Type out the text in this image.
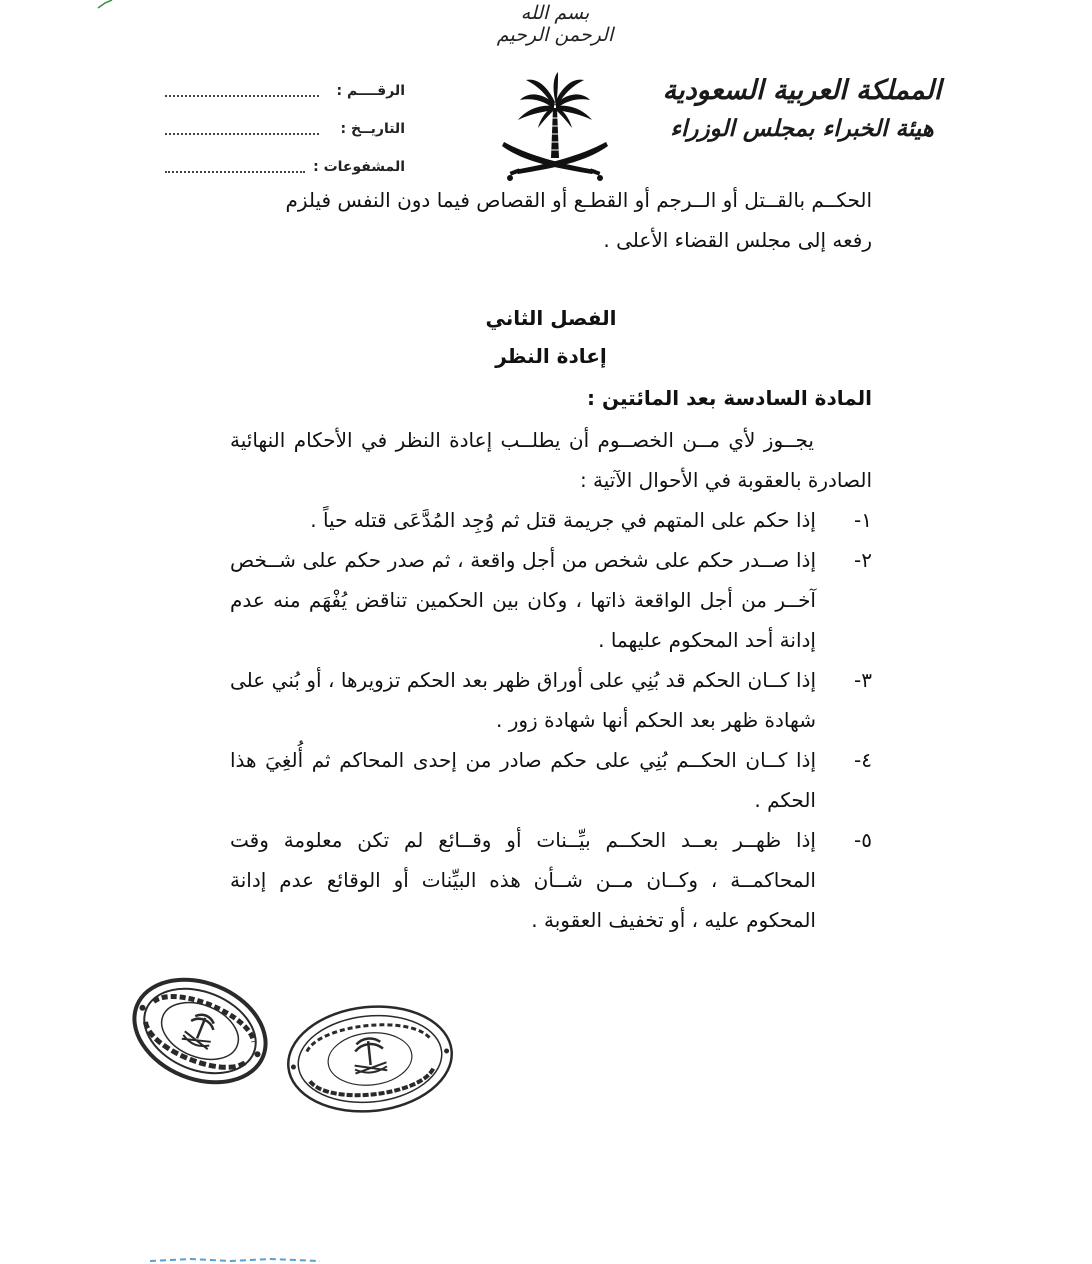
بسم الله الرحمن الرحيم
المملكة العربية السعودية
هيئة الخبراء بمجلس الوزراء
الرقــــم :
التاريــخ :
المشفوعات :

الحكــم بالقــتل أو الــرجم أو القطـع أو القصاص فيما دون النفس فيلزم

رفعه إلى مجلس القضاء الأعلى .

الفصل الثاني

إعادة النظر

المادة السادسة بعد المائتين :

يجــوز لأي مــن الخصــوم أن يطلــب إعادة النظر في الأحكام النهائية الصادرة بالعقوبة في الأحوال الآتية :

١-
إذا حكم على المتهم في جريمة قتل ثم وُجِد المُدَّعَى قتله حياً .
٢-
إذا صــدر حكم على شخص من أجل واقعة ، ثم صدر حكم على شــخص آخــر من أجل الواقعة ذاتها ، وكان بين الحكمين تناقض يُفْهَم منه عدم إدانة أحد المحكوم عليهما .
٣-
إذا كــان الحكم قد بُنِي على أوراق ظهر بعد الحكم تزويرها ، أو بُني على شهادة ظهر بعد الحكم أنها شهادة زور .
٤-
إذا كــان الحكــم بُنِي على حكم صادر من إحدى المحاكم ثم أُلغِيَ هذا الحكم .
٥-
إذا ظهــر بعــد الحكــم بيِّــنات أو وقــائع لم تكن معلومة وقت المحاكمــة ، وكــان مــن شــأن هذه البيِّنات أو الوقائع عدم إدانة المحكوم عليه ، أو تخفيف العقوبة .
